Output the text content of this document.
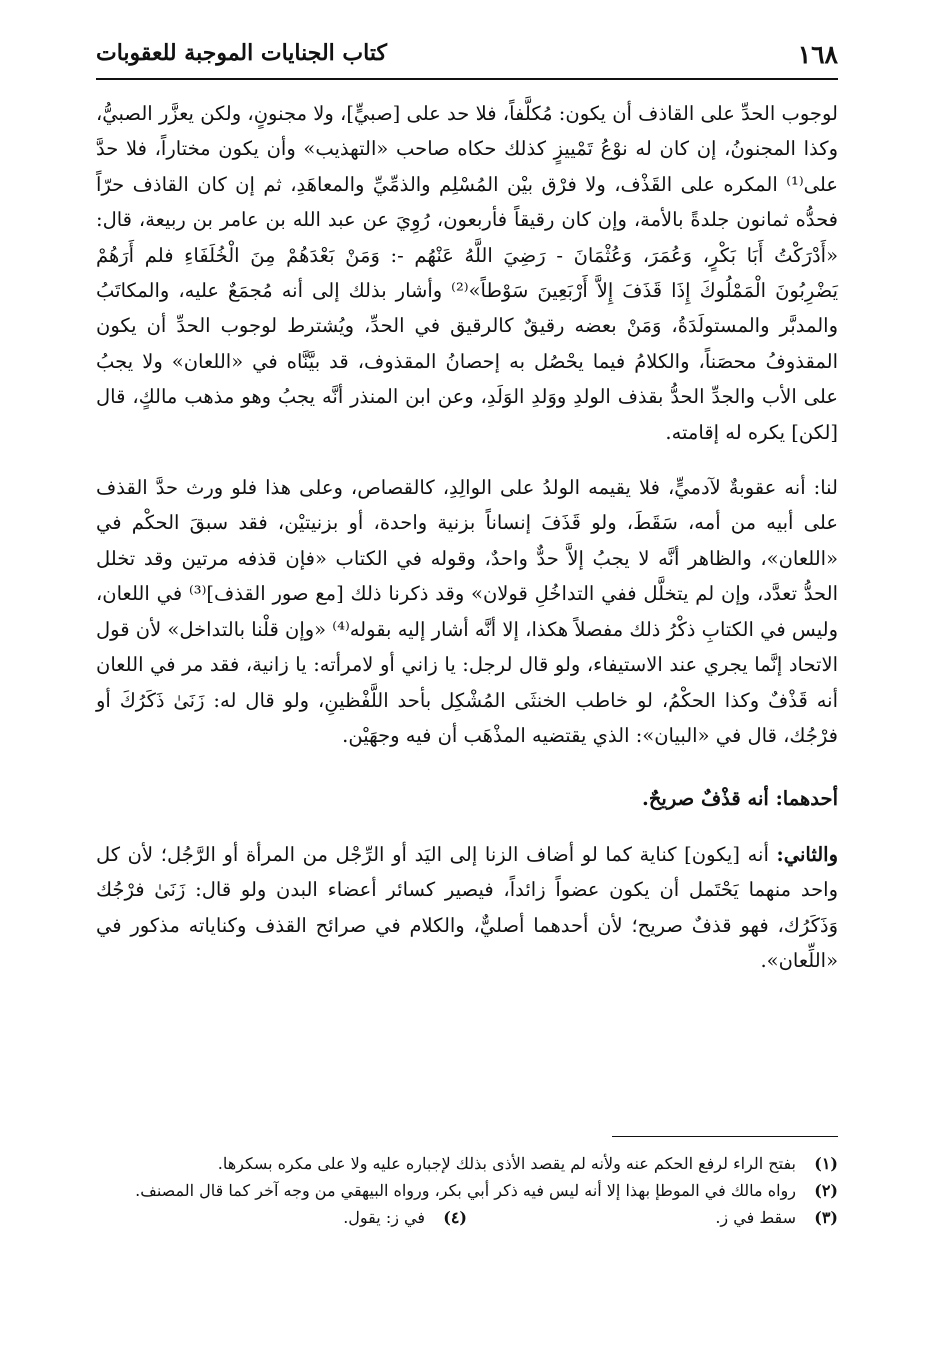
١٦٨
كتاب الجنايات الموجبة للعقوبات

لوجوب الحدِّ على القاذف أن يكون: مُكلَّفاً، فلا حد على [صبيٍّ]، ولا مجنونٍ، ولكن يعزَّر الصبيُّ، وكذا المجنونُ، إن كان له نوْعُ تَمْييزٍ كذلك حكاه صاحب «التهذيب» وأن يكون مختاراً، فلا حدَّ على⁽¹⁾ المكره على القَذْف، ولا فرْق بيْن المُسْلِم والذمِّيِّ والمعاهَدِ، ثم إن كان القاذف حرّاً فحدُّه ثمانون جلدةً بالأمة، وإن كان رقيقاً فأربعون، رُوِيَ عن عبد الله بن عامر بن ربيعة، قال: «أَدْرَكْتُ أَبَا بَكْرٍ، وَعُمَرَ، وَعُثْمَانَ - رَضِيَ اللَّهُ عَنْهُم -: وَمَنْ بَعْدَهُمْ مِنَ الْخُلَفَاءِ فلم أَرَهُمْ يَضْرِبُونَ الْمَمْلُوكَ إِذَا قَذَفَ إِلاَّ أَرْبَعِينَ سَوْطاً»⁽²⁾ وأشار بذلك إلى أنه مُجمَعٌ عليه، والمكاتَبُ والمدبَّر والمستولَدَةُ، وَمَنْ بعضه رقيقٌ كالرقيق في الحدِّ، ويُشترط لوجوب الحدِّ أن يكون المقذوفُ محصَناً، والكلامُ فيما يحْصُل به إحصانُ المقذوف، قد بيَّنَّاه في «اللعان» ولا يجبُ على الأب والجدِّ الحدُّ بقذف الولدِ ووَلدِ الوَلَدِ، وعن ابن المنذر أنَّه يجبُ وهو مذهب مالكٍ، قال [لكن] يكره له إقامته.

لنا: أنه عقوبةٌ لآدميٍّ، فلا يقيمه الولدُ على الوالِدِ، كالقصاص، وعلى هذا فلو ورث حدَّ القذف على أبيه من أمه، سَقَطَ، ولو قَذَفَ إنساناً بزنية واحدة، أو بزنيتيْن، فقد سبقَ الحكْم في «اللعان»، والظاهر أنَّه لا يجبُ إلاَّ حدٌّ واحدٌ، وقوله في الكتاب «فإن قذفه مرتين وقد تخلل الحدُّ تعدَّد، وإن لم يتخلَّل ففي التداخُلِ قولان» وقد ذكرنا ذلك [مع صور القذف]⁽³⁾ في اللعان، وليس في الكتابِ ذكْرُ ذلك مفصلاً هكذا، إلا أنَّه أشار إليه بقوله⁽⁴⁾ «وإن قلْنا بالتداخل» لأن قول الاتحاد إنَّما يجري عند الاستيفاء، ولو قال لرجل: يا زاني أو لامرأته: يا زانية، فقد مر في اللعان أنه قَذْفٌ وكذا الحكْمُ، لو خاطب الخنثَى المُشْكِل بأحد اللَّفْظينِ، ولو قال له: زَنَىٰ ذَكَرُكَ أو فرْجُك، قال في «البيان»: الذي يقتضيه المذْهَب أن فيه وجهَيْن.

أحدهما: أنه قذْفٌ صريحٌ.

والثاني: أنه [يكون] كناية كما لو أضاف الزنا إلى اليَد أو الرِّجْل من المرأة أو الرَّجُل؛ لأن كل واحد منهما يَحْتَمل أن يكون عضواً زائداً، فيصير كسائر أعضاء البدن ولو قال: زَنَىٰ فرْجُك وَذَكَرُك، فهو قذفٌ صريح؛ لأن أحدهما أصليٌّ، والكلام في صرائح القذف وكناياته مذكور في «اللِّعان».

(١)
بفتح الراء لرفع الحكم عنه ولأنه لم يقصد الأذى بذلك لإجباره عليه ولا على مكره بسكرها.
(٢)
رواه مالك في الموطإ بهذا إلا أنه ليس فيه ذكر أبي بكر، ورواه البيهقي من وجه آخر كما قال المصنف.
(٣)
سقط في ز.
(٤)
في ز: يقول.
